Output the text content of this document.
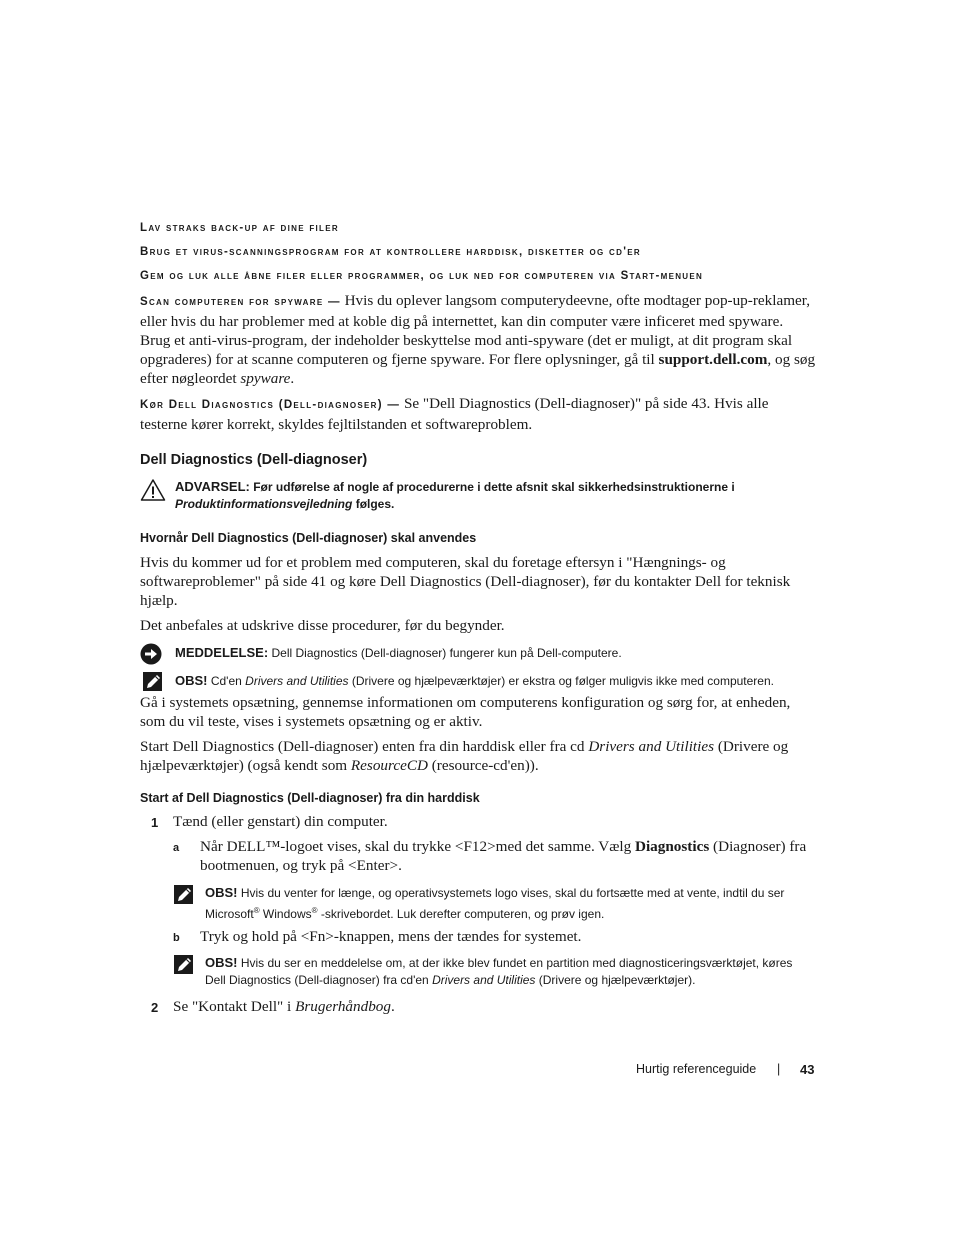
Lav straks back-up af dine filer

Brug et virus-scanningsprogram for at kontrollere harddisk, disketter og cd'er

Gem og luk alle åbne filer eller programmer, og luk ned for computeren via Start-menuen

Scan computeren for spyware — Hvis du oplever langsom computerydeevne, ofte modtager pop-up-reklamer, eller hvis du har problemer med at koble dig på internettet, kan din computer være inficeret med spyware. Brug et anti-virus-program, der indeholder beskyttelse mod anti-spyware (det er muligt, at dit program skal opgraderes) for at scanne computeren og fjerne spyware. For flere oplysninger, gå til support.dell.com, og søg efter nøgleordet spyware.

Kør Dell Diagnostics (Dell-diagnoser) — Se "Dell Diagnostics (Dell-diagnoser)" på side 43. Hvis alle testerne kører korrekt, skyldes fejltilstanden et softwareproblem.

Dell Diagnostics (Dell-diagnoser)
ADVARSEL: Før udførelse af nogle af procedurerne i dette afsnit skal sikkerhedsinstruktionerne i Produktinformationsvejledning følges.
Hvornår Dell Diagnostics (Dell-diagnoser) skal anvendes

Hvis du kommer ud for et problem med computeren, skal du foretage eftersyn i "Hængnings- og softwareproblemer" på side 41 og køre Dell Diagnostics (Dell-diagnoser), før du kontakter Dell for teknisk hjælp.

Det anbefales at udskrive disse procedurer, før du begynder.

MEDDELELSE: Dell Diagnostics (Dell-diagnoser) fungerer kun på Dell-computere.
OBS! Cd'en Drivers and Utilities (Drivere og hjælpeværktøjer) er ekstra og følger muligvis ikke med computeren.

Gå i systemets opsætning, gennemse informationen om computerens konfiguration og sørg for, at enheden, som du vil teste, vises i systemets opsætning og er aktiv.

Start Dell Diagnostics (Dell-diagnoser) enten fra din harddisk eller fra cd Drivers and Utilities (Drivere og hjælpeværktøjer) (også kendt som ResourceCD (resource-cd'en)).

Start af Dell Diagnostics (Dell-diagnoser) fra din harddisk
1 Tænd (eller genstart) din computer.
a Når DELL™-logoet vises, skal du trykke <F12>med det samme. Vælg Diagnostics (Diagnoser) fra bootmenuen, og tryk på <Enter>.
OBS! Hvis du venter for længe, og operativsystemets logo vises, skal du fortsætte med at vente, indtil du ser Microsoft® Windows® -skrivebordet. Luk derefter computeren, og prøv igen.
b Tryk og hold på <Fn>-knappen, mens der tændes for systemet.
OBS! Hvis du ser en meddelelse om, at der ikke blev fundet en partition med diagnosticeringsværktøjet, køres Dell Diagnostics (Dell-diagnoser) fra cd'en Drivers and Utilities (Drivere og hjælpeværktøjer).
2 Se "Kontakt Dell" i Brugerhåndbog.
Hurtig referenceguide | 43
